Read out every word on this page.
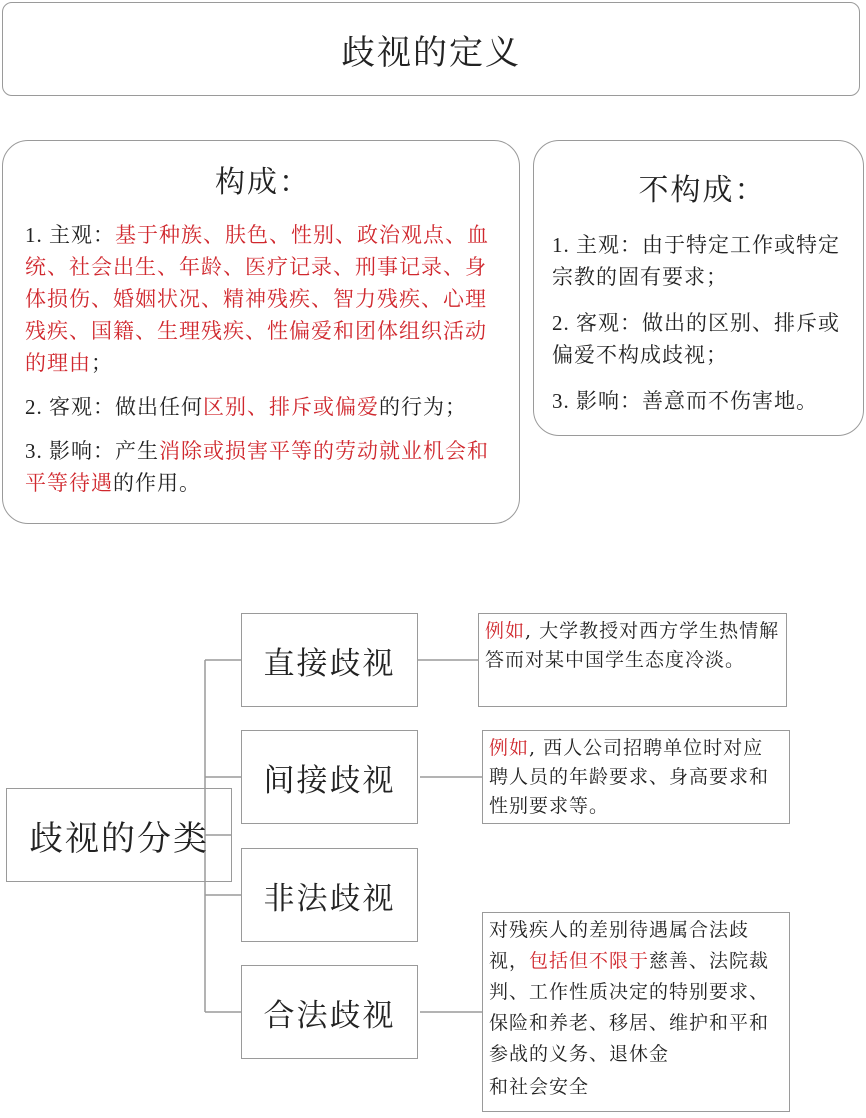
歧视的定义
构成：
1. 主观：基于种族、肤色、性别、政治观点、血统、社会出生、年龄、医疗记录、刑事记录、身体损伤、婚姻状况、精神残疾、智力残疾、心理残疾、国籍、生理残疾、性偏爱和团体组织活动的理由；
2. 客观：做出任何区别、排斥或偏爱的行为；
3. 影响：产生消除或损害平等的劳动就业机会和平等待遇的作用。
不构成：
1. 主观：由于特定工作或特定宗教的固有要求；
2. 客观：做出的区别、排斥或偏爱不构成歧视；
3. 影响：善意而不伤害地。
歧视的分类
直接歧视
间接歧视
非法歧视
合法歧视
例如, 大学教授对西方学生热情解答而对某中国学生态度冷淡。
例如, 西人公司招聘单位时对应聘人员的年龄要求、身高要求和性别要求等。
对残疾人的差别待遇属合法歧视，包括但不限于慈善、法院裁判、工作性质决定的特别要求、保险和养老、移居、维护和平和参战的义务、退休金
和社会安全
